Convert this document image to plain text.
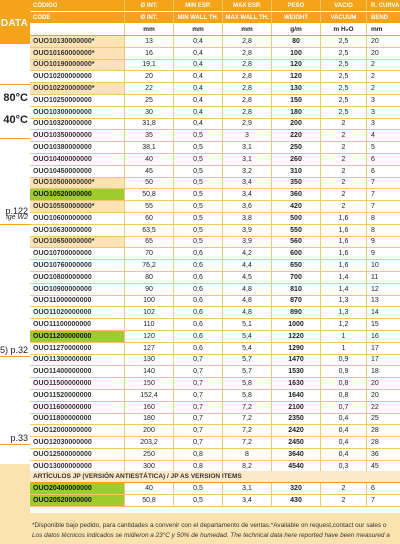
DATA
80°C
40°C
p.122
ige W2
5) p.32
p.33
CÓDIGO	Ø INT.	MIN ESP.	MAX ESP.	PESO	VACIO	R. CURVA
CODE	Ø INT.	MIN WALL TH.	MAX WALL TH.	WEIGHT	VACUUM	BEND
mm	mm	mm	g/m	m H₂O	mm
OUO10130000000*	13	0,4	2,8	80	2,5	20
OUO10160000000*	16	0,4	2,8	100	2,5	20
OUO10190000000*	19,1	0,4	2,8	120	2,5	2
OUO10200000000	20	0,4	2,8	120	2,5	2
OUO10220000000*	22	0,4	2,8	130	2,5	2
OUO10250000000	25	0,4	2,8	150	2,5	3
OUO10300000000	30	0,4	2,8	180	2,5	3
OUO10320000000	31,8	0,4	2,9	200	2	3
OUO10350000000	35	0,5	3	220	2	4
OUO10380000000	38,1	0,5	3,1	250	2	5
OUO10400000000	40	0,5	3,1	260	2	6
OUO10450000000	45	0,5	3,2	310	2	6
OUO10500000000*	50	0,5	3,4	350	2	7
OUO10520000000	50,8	0,5	3,4	360	2	7
OUO10550000000*	55	0,5	3,6	420	2	7
OUO10600000000	60	0,5	3,8	500	1,6	8
OUO10630000000	63,5	0,5	3,9	550	1,6	8
OUO10650000000*	65	0,5	3,9	560	1,6	9
OUO10700000000	70	0,6	4,2	600	1,6	9
OUO10760000000	76,2	0,6	4,4	650	1,6	10
OUO10800000000	80	0,6	4,5	700	1,4	11
OUO10900000000	90	0,6	4,8	810	1,4	12
OUO11000000000	100	0,6	4,8	870	1,3	13
OUO11020000000	102	0,6	4,8	890	1,3	14
OUO11100000000	110	0,6	5,1	1000	1,2	15
OUO11200000000	120	0,6	5,4	1220	1	16
OUO11270000000	127	0,6	5,4	1290	1	17
OUO11300000000	130	0,7	5,7	1470	0,9	17
OUO11400000000	140	0,7	5,7	1530	0,9	18
OUO11500000000	150	0,7	5,8	1630	0,8	20
OUO11520000000	152,4	0,7	5,8	1640	0,8	20
OUO11600000000	160	0,7	7,2	2100	0,7	22
OUO11800000000	180	0,7	7,2	2350	0,4	25
OUO12000000000	200	0,7	7,2	2420	0,4	28
OUO12030000000	203,2	0,7	7,2	2450	0,4	28
OUO12500000000	250	0,8	8	3640	0,4	36
OUO13000000000	300	0,8	8,2	4540	0,3	45
ARTÍCULOS JP (VERSIÓN ANTIESTÁTICA) / JP AS VERSION ITEMS
OUO20400000000	40	0,5	3,1	320	2	6
OUO20520000000	50,8	0,5	3,4	430	2	7

*Disponible bajo pedido, para cantidades a convenir con el departamento de ventas.*Available on request,contact our sales o

Los datos técnicos indicados se midieron a 23°C y 50% de humedad. The technical data here reported have been measured a
